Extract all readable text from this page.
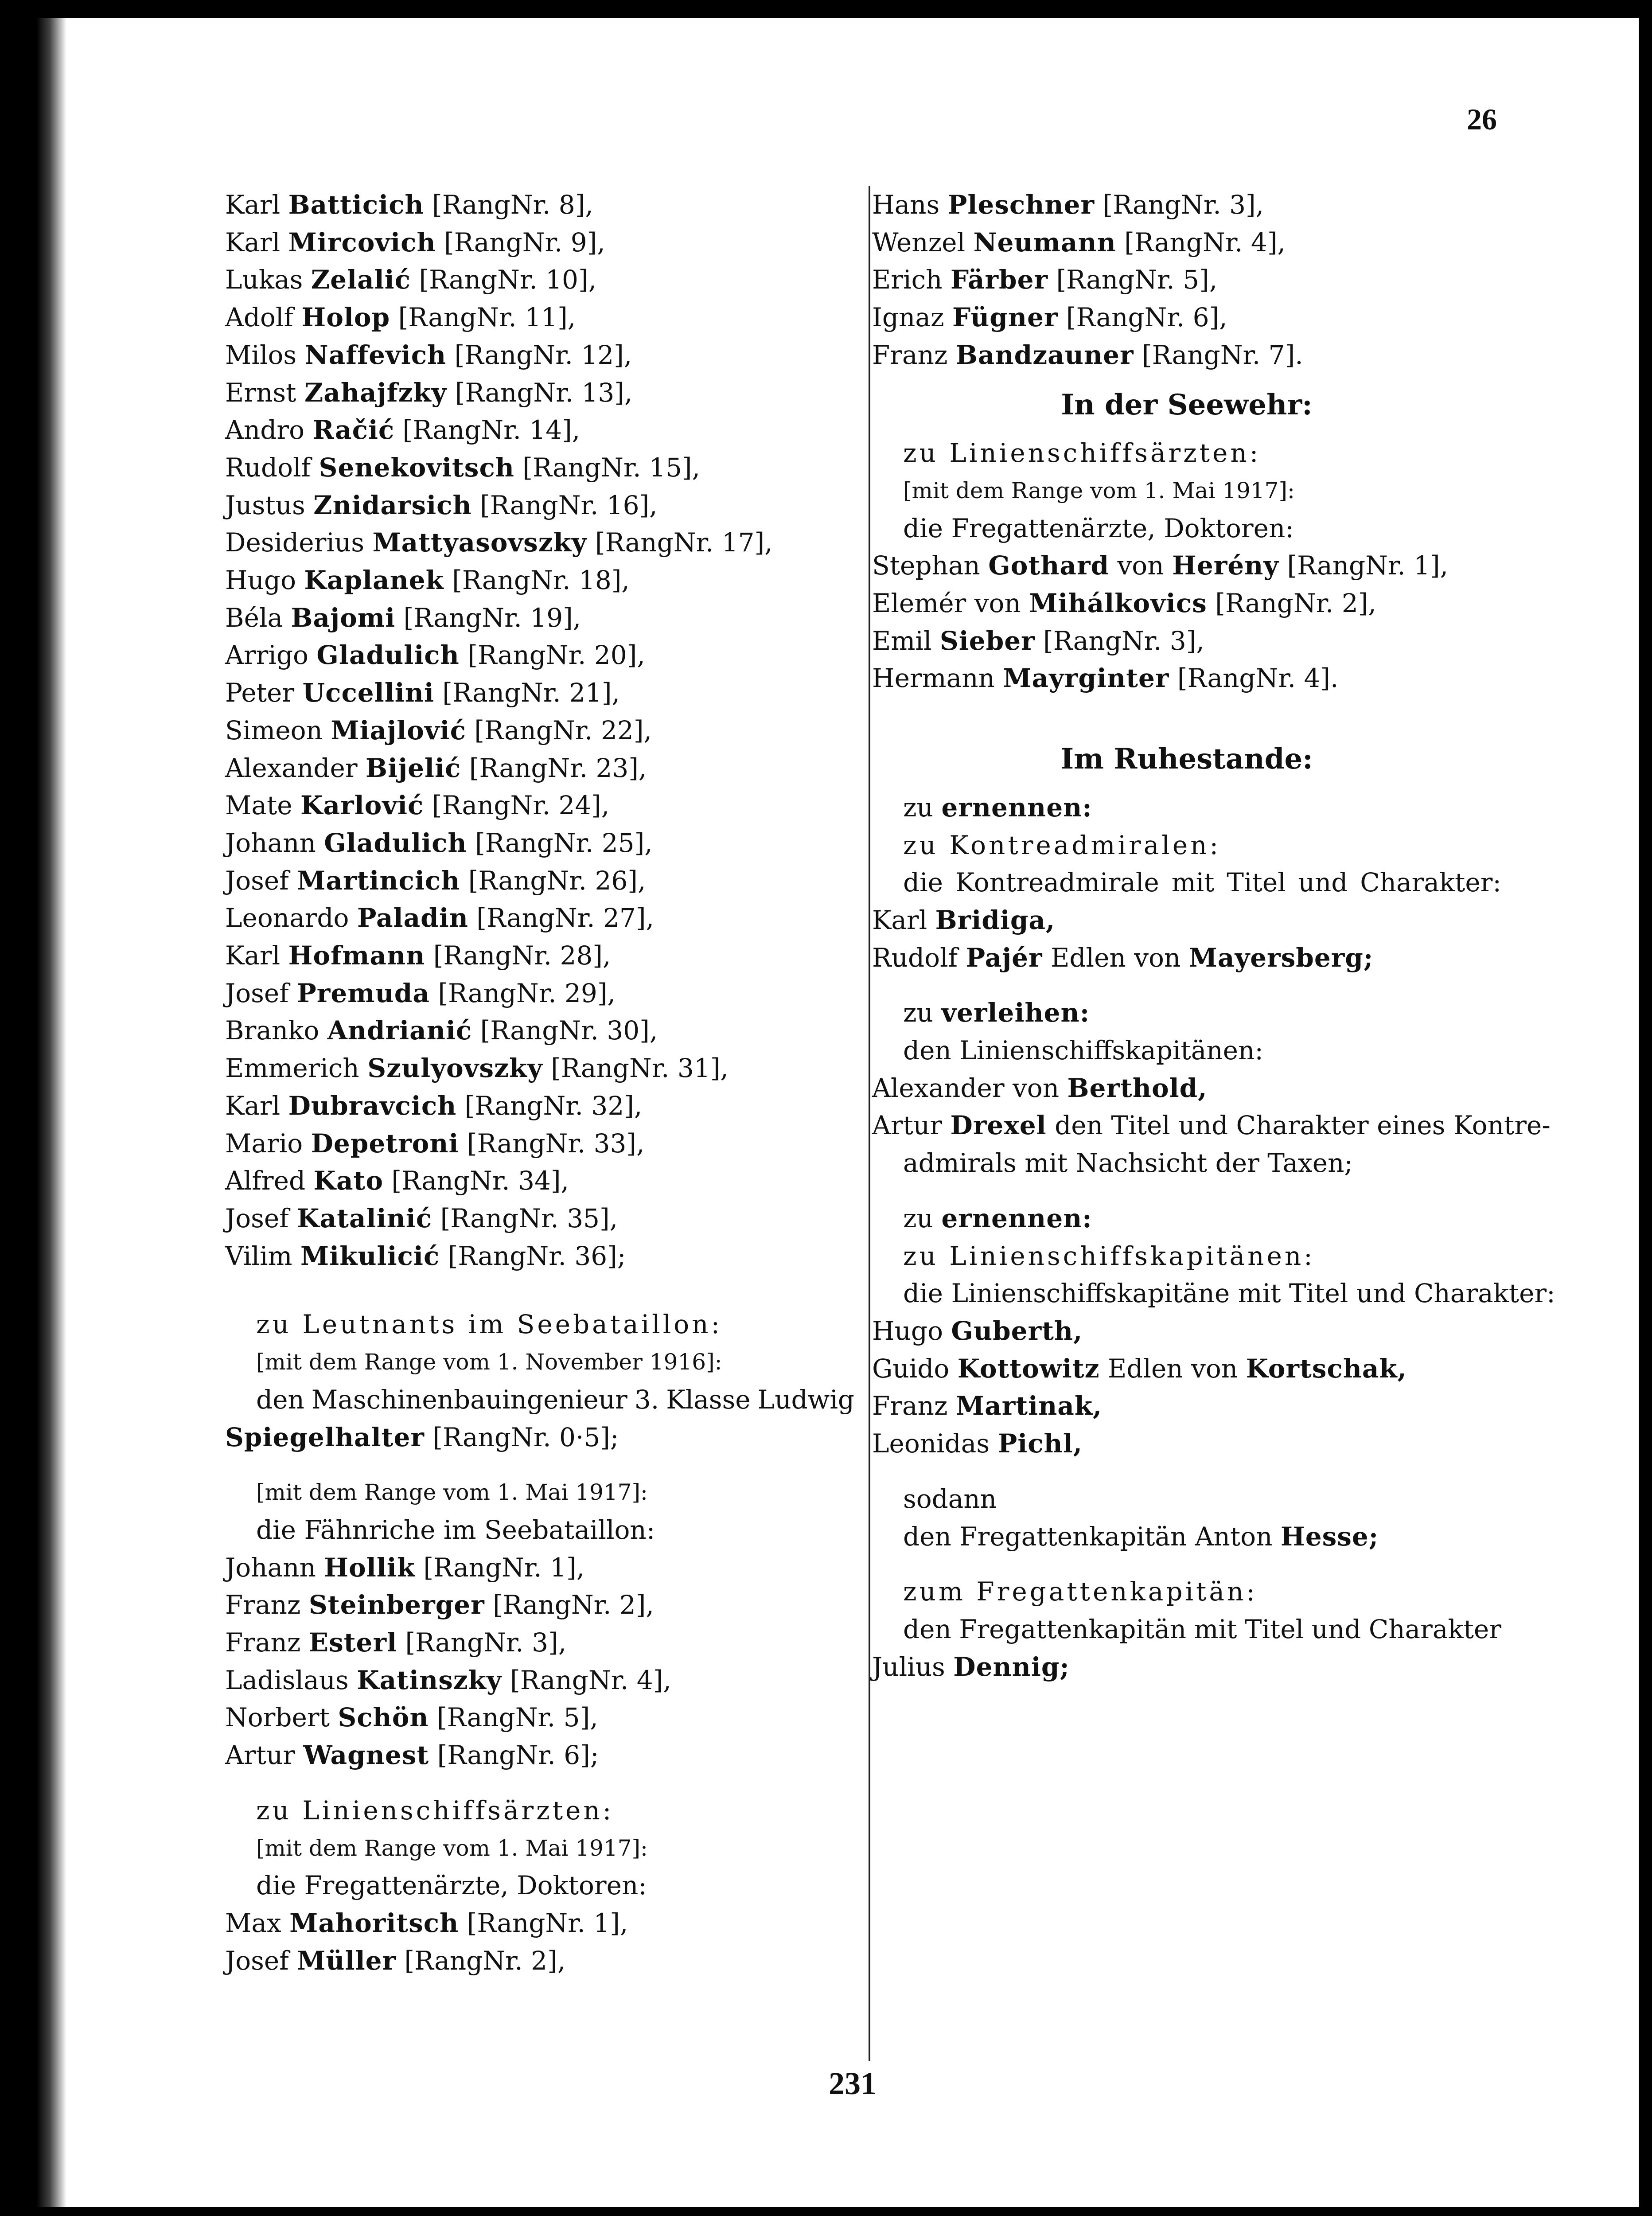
26
Karl Batticich [RangNr. 8],
Karl Mircovich [RangNr. 9],
Lukas Zelalić [RangNr. 10],
Adolf Holop [RangNr. 11],
Milos Naffevich [RangNr. 12],
Ernst Zahajfzky [RangNr. 13],
Andro Račić [RangNr. 14],
Rudolf Senekovitsch [RangNr. 15],
Justus Znidarsich [RangNr. 16],
Desiderius Mattyasovszky [RangNr. 17],
Hugo Kaplanek [RangNr. 18],
Béla Bajomi [RangNr. 19],
Arrigo Gladulich [RangNr. 20],
Peter Uccellini [RangNr. 21],
Simeon Miajlović [RangNr. 22],
Alexander Bijelić [RangNr. 23],
Mate Karlović [RangNr. 24],
Johann Gladulich [RangNr. 25],
Josef Martincich [RangNr. 26],
Leonardo Paladin [RangNr. 27],
Karl Hofmann [RangNr. 28],
Josef Premuda [RangNr. 29],
Branko Andrianić [RangNr. 30],
Emmerich Szulyovszky [RangNr. 31],
Karl Dubravcich [RangNr. 32],
Mario Depetroni [RangNr. 33],
Alfred Kato [RangNr. 34],
Josef Katalinić [RangNr. 35],
Vilim Mikulicić [RangNr. 36];
zu Leutnants im Seebataillon:
[mit dem Range vom 1. November 1916]:
den Maschinenbauingenieur 3. Klasse Ludwig
Spiegelhalter [RangNr. 0·5];
[mit dem Range vom 1. Mai 1917]:
die Fähnriche im Seebataillon:
Johann Hollik [RangNr. 1],
Franz Steinberger [RangNr. 2],
Franz Esterl [RangNr. 3],
Ladislaus Katinszky [RangNr. 4],
Norbert Schön [RangNr. 5],
Artur Wagnest [RangNr. 6];
zu Linienschiffsärzten:
[mit dem Range vom 1. Mai 1917]:
die Fregattenärzte, Doktoren:
Max Mahoritsch [RangNr. 1],
Josef Müller [RangNr. 2],
Hans Pleschner [RangNr. 3],
Wenzel Neumann [RangNr. 4],
Erich Färber [RangNr. 5],
Ignaz Fügner [RangNr. 6],
Franz Bandzauner [RangNr. 7].
In der Seewehr:
zu Linienschiffsärzten:
[mit dem Range vom 1. Mai 1917]:
die Fregattenärzte, Doktoren:
Stephan Gothard von Herény [RangNr. 1],
Elemér von Mihálkovics [RangNr. 2],
Emil Sieber [RangNr. 3],
Hermann Mayrginter [RangNr. 4].
Im Ruhestande:
zu ernennen:
zu Kontreadmiralen:
die Kontreadmirale mit Titel und Charakter:
Karl Bridiga,
Rudolf Pajér Edlen von Mayersberg;
zu verleihen:
den Linienschiffskapitänen:
Alexander von Berthold,
Artur Drexel den Titel und Charakter eines Kontre-
admirals mit Nachsicht der Taxen;
zu ernennen:
zu Linienschiffskapitänen:
die Linienschiffskapitäne mit Titel und Charakter:
Hugo Guberth,
Guido Kottowitz Edlen von Kortschak,
Franz Martinak,
Leonidas Pichl,
sodann
den Fregattenkapitän Anton Hesse;
zum Fregattenkapitän:
den Fregattenkapitän mit Titel und Charakter
Julius Dennig;
231
